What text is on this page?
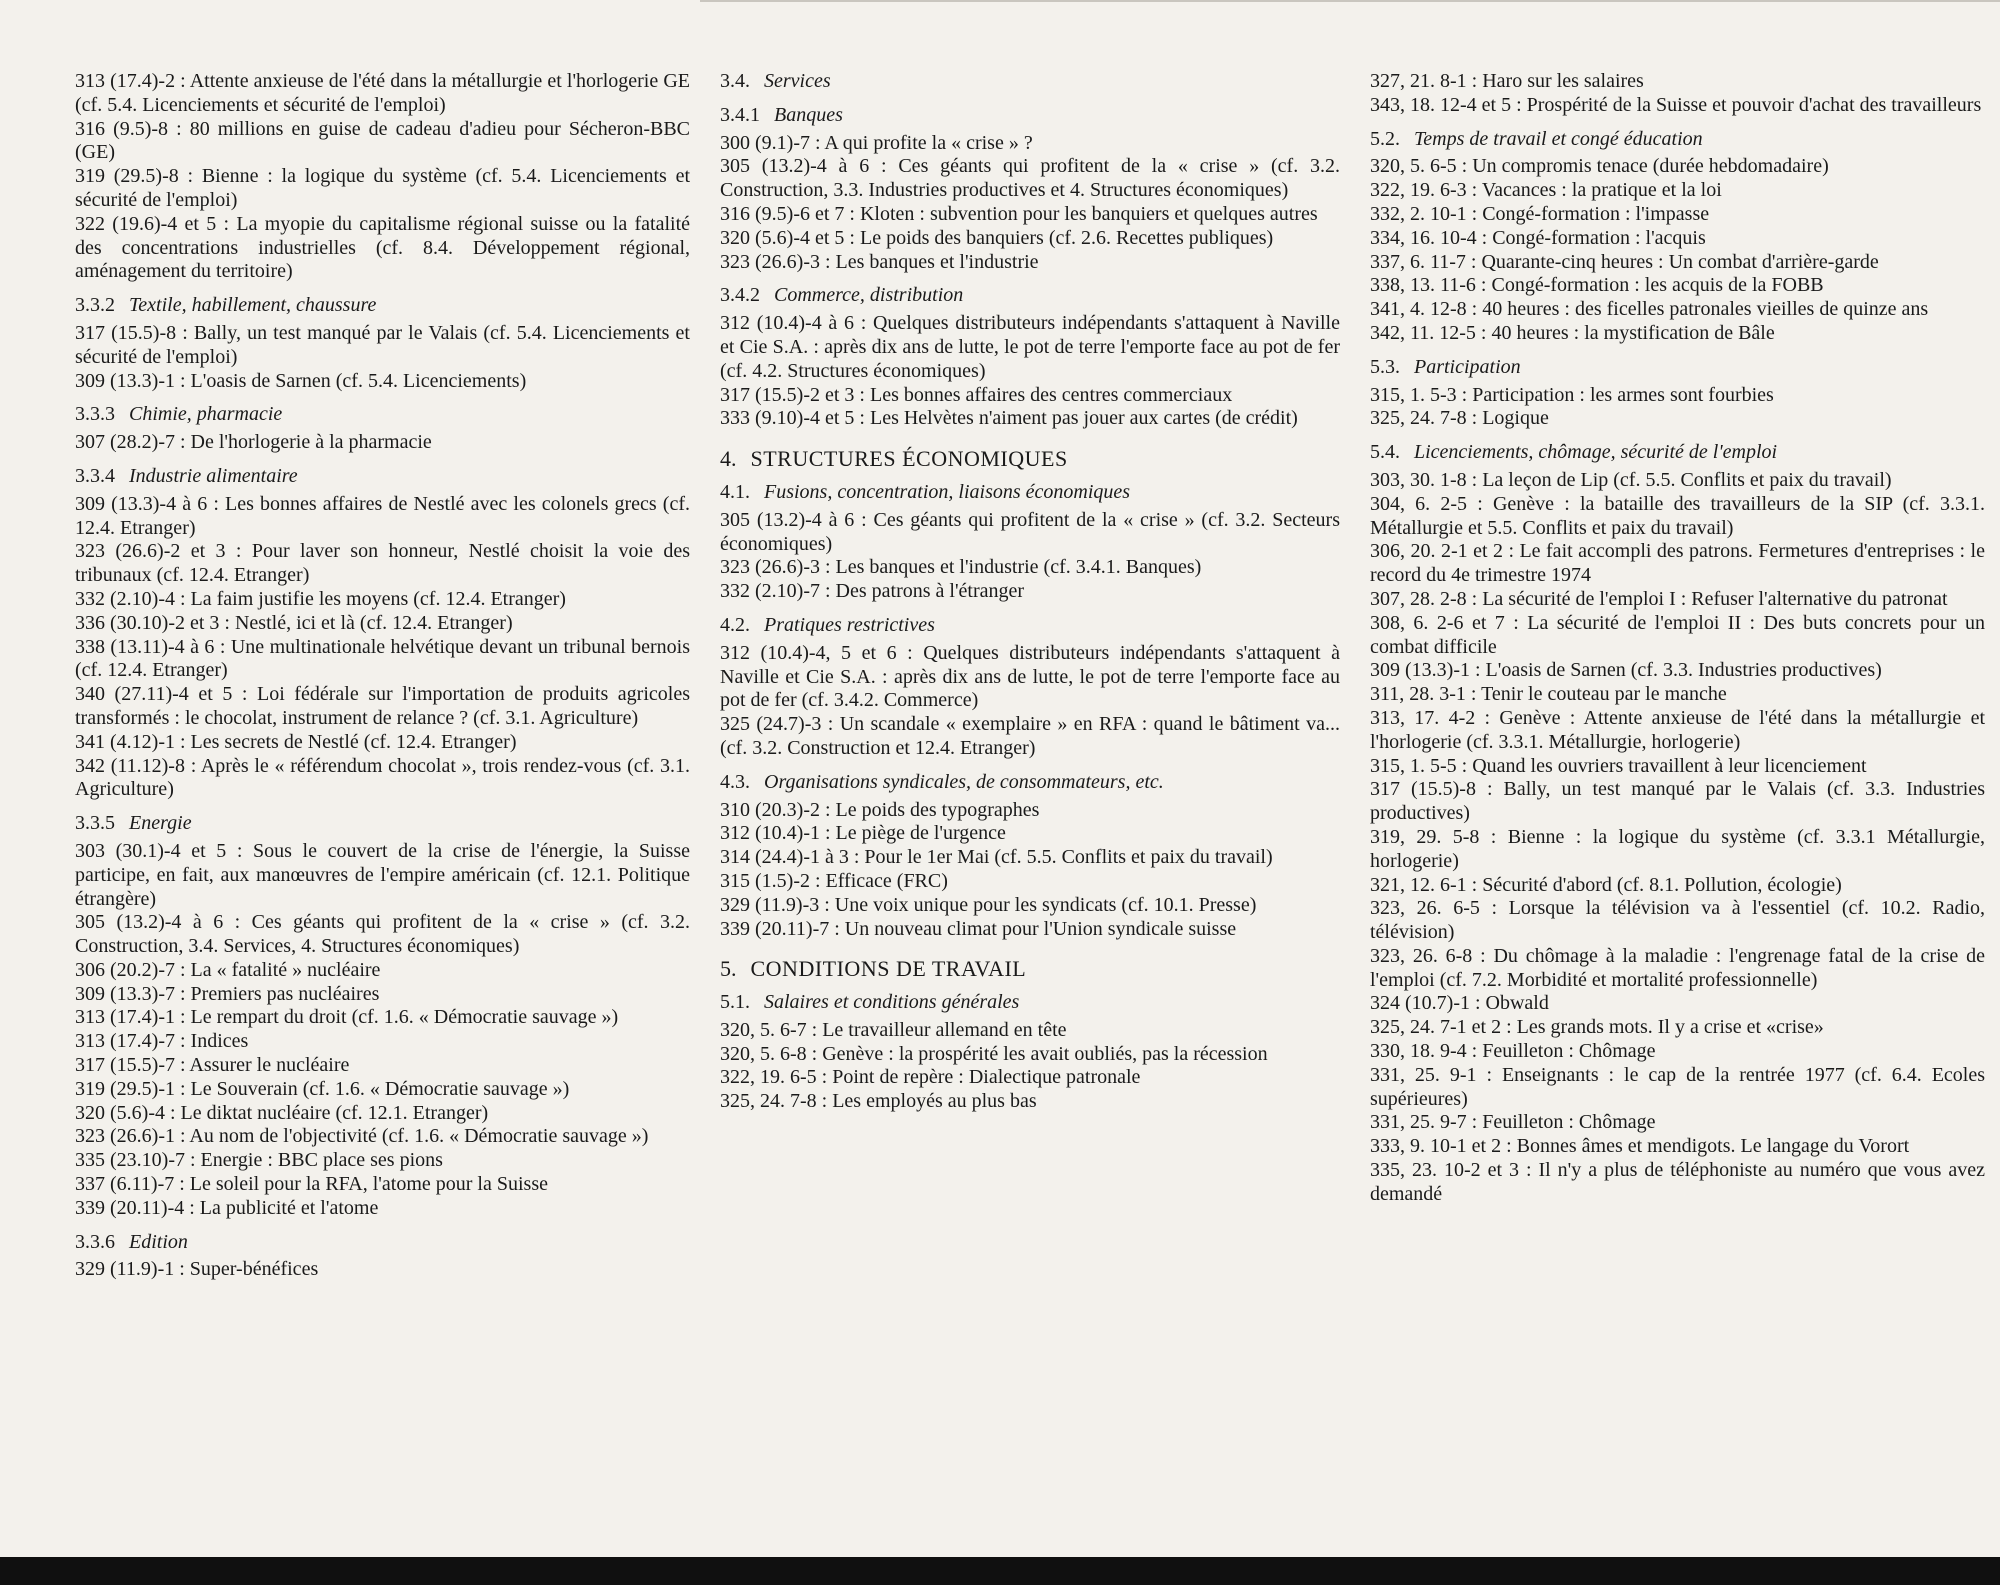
313 (17.4)-2 : Attente anxieuse de l'été dans la métallurgie et l'horlogerie GE (cf. 5.4. Licenciements et sécurité de l'emploi)
316 (9.5)-8 : 80 millions en guise de cadeau d'adieu pour Sécheron-BBC (GE)
319 (29.5)-8 : Bienne : la logique du système (cf. 5.4. Licenciements et sécurité de l'emploi)
322 (19.6)-4 et 5 : La myopie du capitalisme régional suisse ou la fatalité des concentrations industrielles (cf. 8.4. Développement régional, aménagement du territoire)
3.3.2 Textile, habillement, chaussure
317 (15.5)-8 : Bally, un test manqué par le Valais (cf. 5.4. Licenciements et sécurité de l'emploi)
309 (13.3)-1 : L'oasis de Sarnen (cf. 5.4. Licenciements)
3.3.3 Chimie, pharmacie
307 (28.2)-7 : De l'horlogerie à la pharmacie
3.3.4 Industrie alimentaire
309 (13.3)-4 à 6 : Les bonnes affaires de Nestlé avec les colonels grecs (cf. 12.4. Etranger)
323 (26.6)-2 et 3 : Pour laver son honneur, Nestlé choisit la voie des tribunaux (cf. 12.4. Etranger)
332 (2.10)-4 : La faim justifie les moyens (cf. 12.4. Etranger)
336 (30.10)-2 et 3 : Nestlé, ici et là (cf. 12.4. Etranger)
338 (13.11)-4 à 6 : Une multinationale helvétique devant un tribunal bernois (cf. 12.4. Etranger)
340 (27.11)-4 et 5 : Loi fédérale sur l'importation de produits agricoles transformés : le chocolat, instrument de relance ? (cf. 3.1. Agriculture)
341 (4.12)-1 : Les secrets de Nestlé (cf. 12.4. Etranger)
342 (11.12)-8 : Après le « référendum chocolat », trois rendez-vous (cf. 3.1. Agriculture)
3.3.5 Energie
303 (30.1)-4 et 5 : Sous le couvert de la crise de l'énergie, la Suisse participe, en fait, aux manœuvres de l'empire américain (cf. 12.1. Politique étrangère)
305 (13.2)-4 à 6 : Ces géants qui profitent de la « crise » (cf. 3.2. Construction, 3.4. Services, 4. Structures économiques)
306 (20.2)-7 : La « fatalité » nucléaire
309 (13.3)-7 : Premiers pas nucléaires
313 (17.4)-1 : Le rempart du droit (cf. 1.6. « Démocratie sauvage »)
313 (17.4)-7 : Indices
317 (15.5)-7 : Assurer le nucléaire
319 (29.5)-1 : Le Souverain (cf. 1.6. « Démocratie sauvage »)
320 (5.6)-4 : Le diktat nucléaire (cf. 12.1. Etranger)
323 (26.6)-1 : Au nom de l'objectivité (cf. 1.6. « Démocratie sauvage »)
335 (23.10)-7 : Energie : BBC place ses pions
337 (6.11)-7 : Le soleil pour la RFA, l'atome pour la Suisse
339 (20.11)-4 : La publicité et l'atome
3.3.6 Edition
329 (11.9)-1 : Super-bénéfices
3.4. Services
3.4.1 Banques
300 (9.1)-7 : A qui profite la « crise » ?
305 (13.2)-4 à 6 : Ces géants qui profitent de la « crise » (cf. 3.2. Construction, 3.3. Industries productives et 4. Structures économiques)
316 (9.5)-6 et 7 : Kloten : subvention pour les banquiers et quelques autres
320 (5.6)-4 et 5 : Le poids des banquiers (cf. 2.6. Recettes publiques)
323 (26.6)-3 : Les banques et l'industrie
3.4.2 Commerce, distribution
312 (10.4)-4 à 6 : Quelques distributeurs indépendants s'attaquent à Naville et Cie S.A. : après dix ans de lutte, le pot de terre l'emporte face au pot de fer (cf. 4.2. Structures économiques)
317 (15.5)-2 et 3 : Les bonnes affaires des centres commerciaux
333 (9.10)-4 et 5 : Les Helvètes n'aiment pas jouer aux cartes (de crédit)
4. STRUCTURES ÉCONOMIQUES
4.1. Fusions, concentration, liaisons économiques
305 (13.2)-4 à 6 : Ces géants qui profitent de la « crise » (cf. 3.2. Secteurs économiques)
323 (26.6)-3 : Les banques et l'industrie (cf. 3.4.1. Banques)
332 (2.10)-7 : Des patrons à l'étranger
4.2. Pratiques restrictives
312 (10.4)-4, 5 et 6 : Quelques distributeurs indépendants s'attaquent à Naville et Cie S.A. : après dix ans de lutte, le pot de terre l'emporte face au pot de fer (cf. 3.4.2. Commerce)
325 (24.7)-3 : Un scandale « exemplaire » en RFA : quand le bâtiment va... (cf. 3.2. Construction et 12.4. Etranger)
4.3. Organisations syndicales, de consommateurs, etc.
310 (20.3)-2 : Le poids des typographes
312 (10.4)-1 : Le piège de l'urgence
314 (24.4)-1 à 3 : Pour le 1er Mai (cf. 5.5. Conflits et paix du travail)
315 (1.5)-2 : Efficace (FRC)
329 (11.9)-3 : Une voix unique pour les syndicats (cf. 10.1. Presse)
339 (20.11)-7 : Un nouveau climat pour l'Union syndicale suisse
5. CONDITIONS DE TRAVAIL
5.1. Salaires et conditions générales
320, 5. 6-7 : Le travailleur allemand en tête
320, 5. 6-8 : Genève : la prospérité les avait oubliés, pas la récession
322, 19. 6-5 : Point de repère : Dialectique patronale
325, 24. 7-8 : Les employés au plus bas
327, 21. 8-1 : Haro sur les salaires
343, 18. 12-4 et 5 : Prospérité de la Suisse et pouvoir d'achat des travailleurs
5.2. Temps de travail et congé éducation
320, 5. 6-5 : Un compromis tenace (durée hebdomadaire)
322, 19. 6-3 : Vacances : la pratique et la loi
332, 2. 10-1 : Congé-formation : l'impasse
334, 16. 10-4 : Congé-formation : l'acquis
337, 6. 11-7 : Quarante-cinq heures : Un combat d'arrière-garde
338, 13. 11-6 : Congé-formation : les acquis de la FOBB
341, 4. 12-8 : 40 heures : des ficelles patronales vieilles de quinze ans
342, 11. 12-5 : 40 heures : la mystification de Bâle
5.3. Participation
315, 1. 5-3 : Participation : les armes sont fourbies
325, 24. 7-8 : Logique
5.4. Licenciements, chômage, sécurité de l'emploi
303, 30. 1-8 : La leçon de Lip (cf. 5.5. Conflits et paix du travail)
304, 6. 2-5 : Genève : la bataille des travailleurs de la SIP (cf. 3.3.1. Métallurgie et 5.5. Conflits et paix du travail)
306, 20. 2-1 et 2 : Le fait accompli des patrons. Fermetures d'entreprises : le record du 4e trimestre 1974
307, 28. 2-8 : La sécurité de l'emploi I : Refuser l'alternative du patronat
308, 6. 2-6 et 7 : La sécurité de l'emploi II : Des buts concrets pour un combat difficile
309 (13.3)-1 : L'oasis de Sarnen (cf. 3.3. Industries productives)
311, 28. 3-1 : Tenir le couteau par le manche
313, 17. 4-2 : Genève : Attente anxieuse de l'été dans la métallurgie et l'horlogerie (cf. 3.3.1. Métallurgie, horlogerie)
315, 1. 5-5 : Quand les ouvriers travaillent à leur licenciement
317 (15.5)-8 : Bally, un test manqué par le Valais (cf. 3.3. Industries productives)
319, 29. 5-8 : Bienne : la logique du système (cf. 3.3.1 Métallurgie, horlogerie)
321, 12. 6-1 : Sécurité d'abord (cf. 8.1. Pollution, écologie)
323, 26. 6-5 : Lorsque la télévision va à l'essentiel (cf. 10.2. Radio, télévision)
323, 26. 6-8 : Du chômage à la maladie : l'engrenage fatal de la crise de l'emploi (cf. 7.2. Morbidité et mortalité professionnelle)
324 (10.7)-1 : Obwald
325, 24. 7-1 et 2 : Les grands mots. Il y a crise et «crise»
330, 18. 9-4 : Feuilleton : Chômage
331, 25. 9-1 : Enseignants : le cap de la rentrée 1977 (cf. 6.4. Ecoles supérieures)
331, 25. 9-7 : Feuilleton : Chômage
333, 9. 10-1 et 2 : Bonnes âmes et mendigots. Le langage du Vorort
335, 23. 10-2 et 3 : Il n'y a plus de téléphoniste au numéro que vous avez demandé
